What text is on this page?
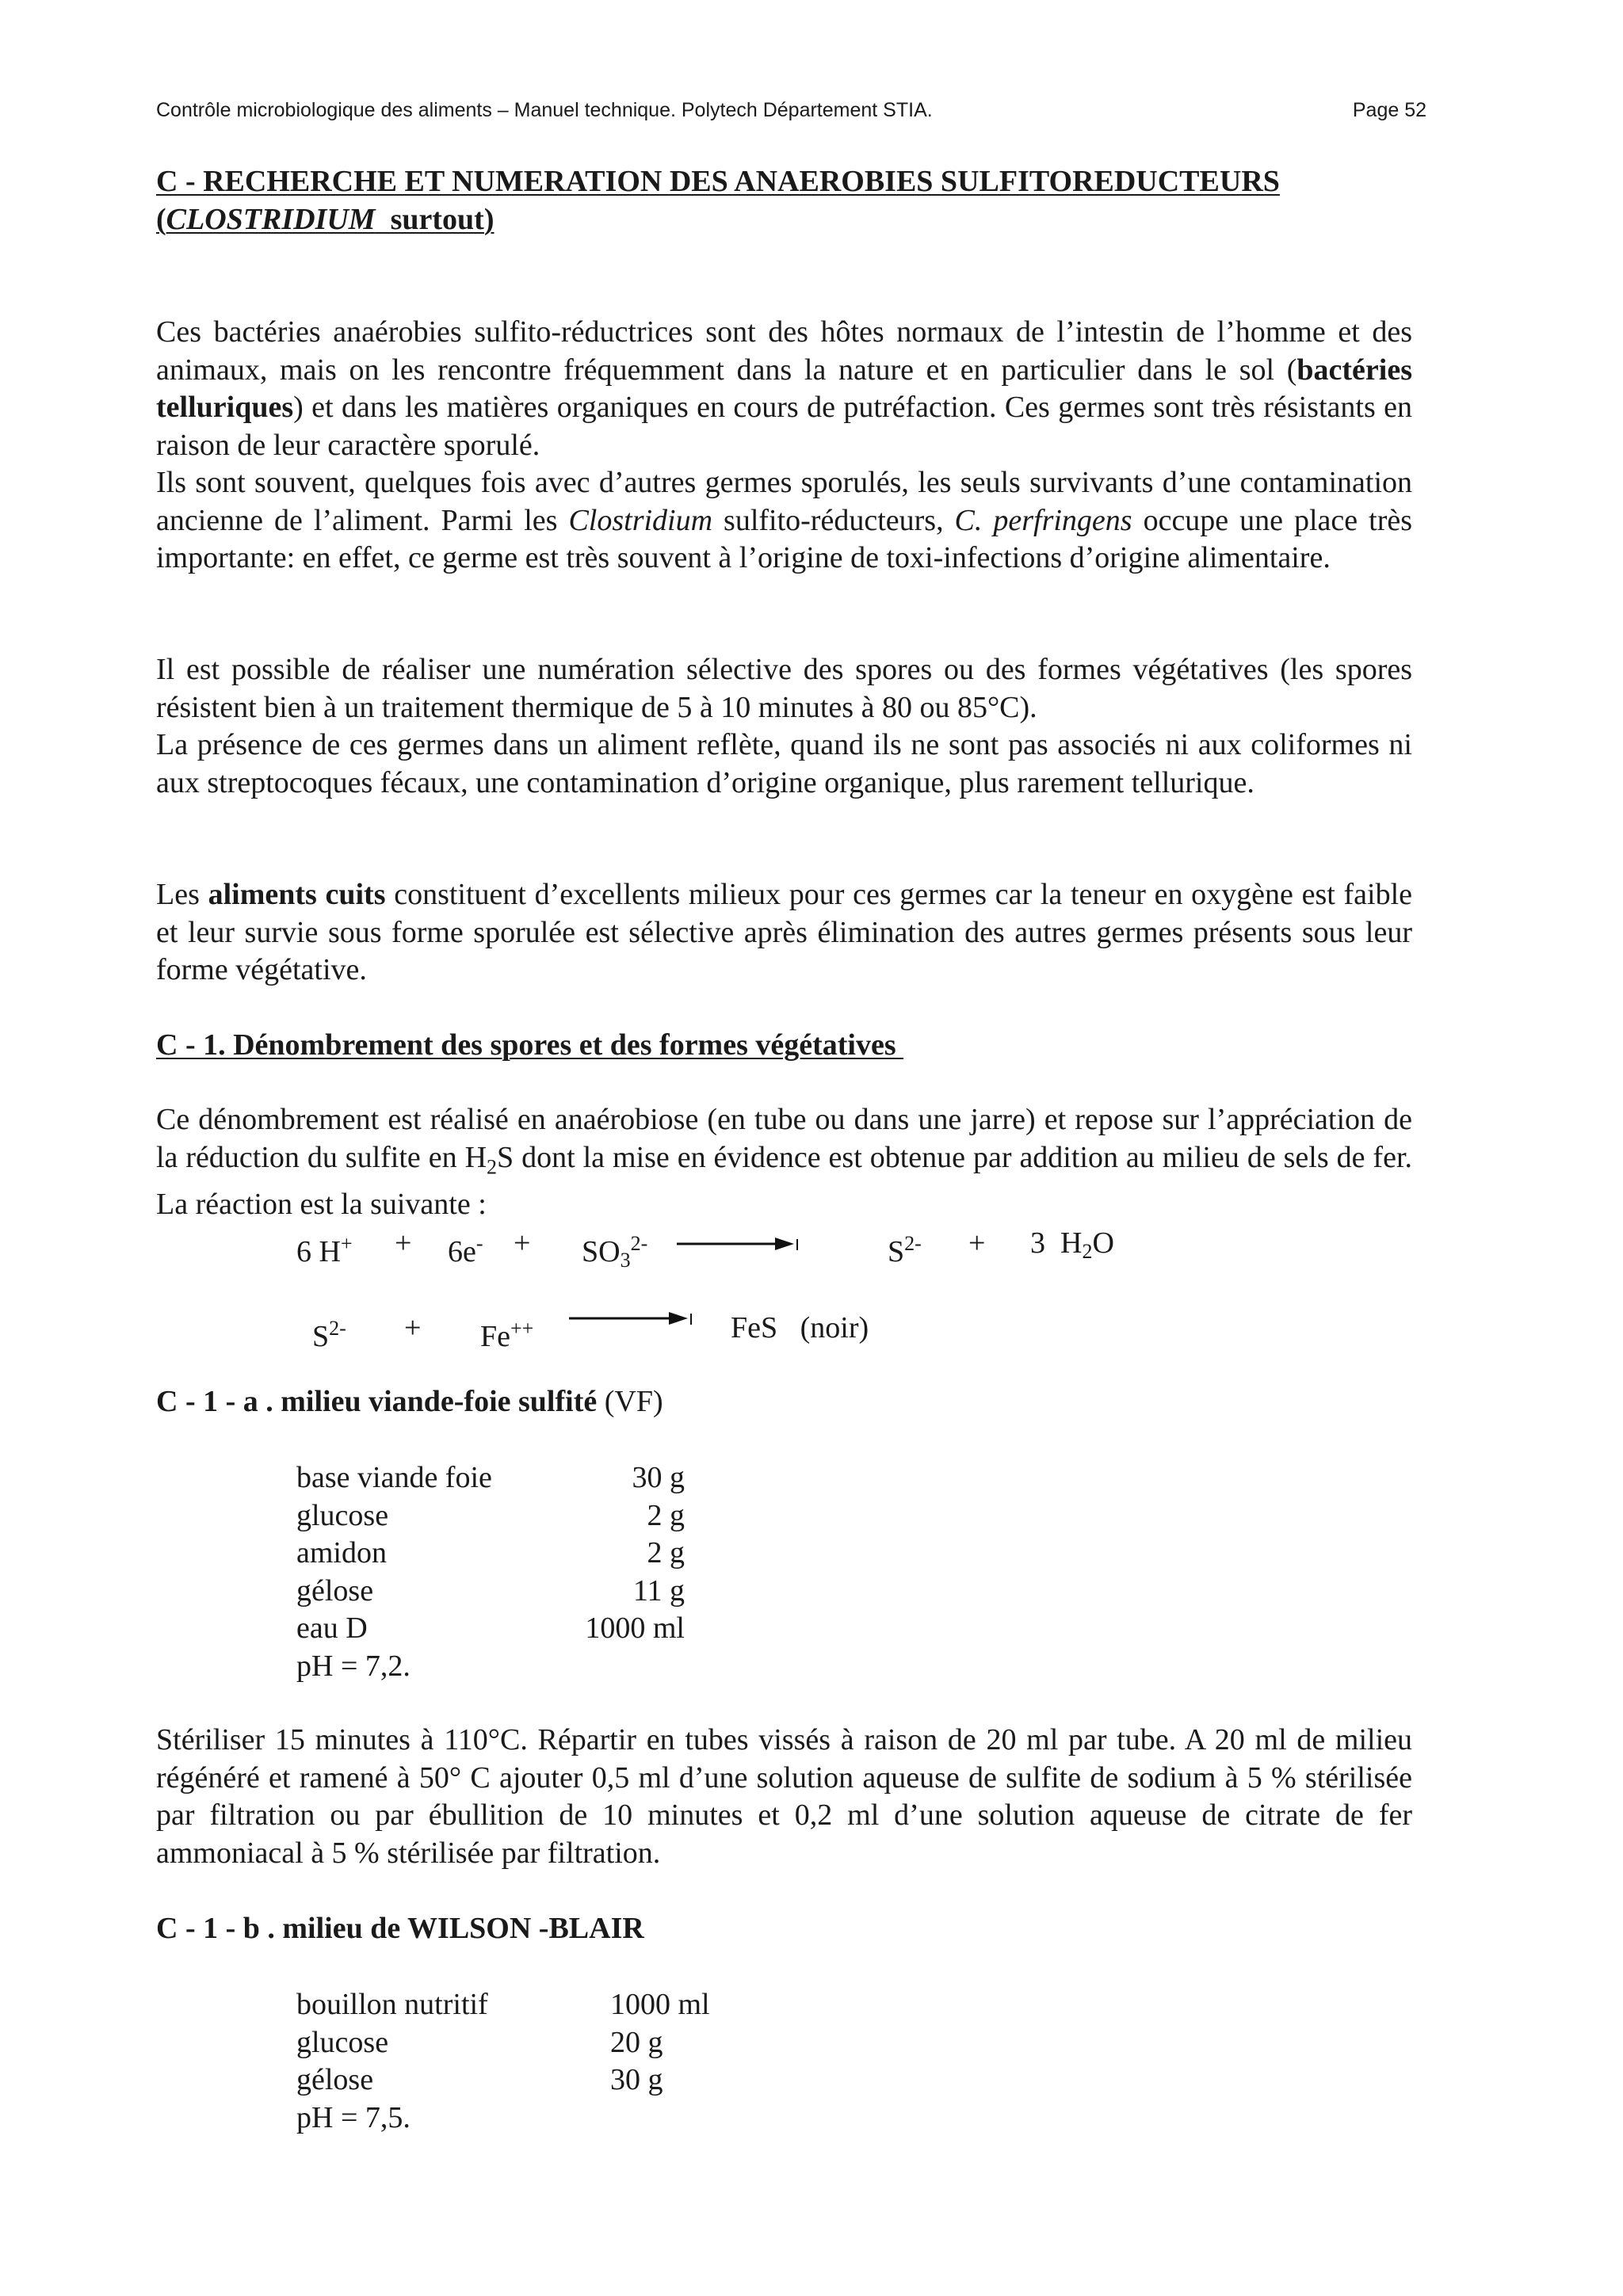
Contrôle microbiologique des aliments – Manuel technique. Polytech Département STIA.	Page 52
C - RECHERCHE ET NUMERATION DES ANAEROBIES SULFITOREDUCTEURS
(CLOSTRIDIUM  surtout)

Ces bactéries anaérobies sulfito-réductrices sont des hôtes normaux de l’intestin de l’homme et des animaux, mais on les rencontre fréquemment dans la nature et en particulier dans le sol (bactéries telluriques) et dans les matières organiques en cours de putréfaction. Ces germes sont très résistants en raison de leur caractère sporulé.

Ils sont souvent, quelques fois avec d’autres germes sporulés, les seuls survivants d’une contamination ancienne de l’aliment. Parmi les Clostridium sulfito-réducteurs, C. perfringens occupe une place très importante: en effet, ce germe est très souvent à l’origine de toxi-infections d’origine alimentaire.

Il est possible de réaliser une numération sélective des spores ou des formes végétatives (les spores résistent bien à un traitement thermique de 5 à 10 minutes à 80 ou 85°C).

La présence de ces germes dans un aliment reflète, quand ils ne sont pas associés ni aux coliformes ni aux streptocoques fécaux, une contamination d’origine organique, plus rarement tellurique.

Les aliments cuits constituent d’excellents milieux pour ces germes car la teneur en oxygène est faible et leur survie sous forme sporulée est sélective après élimination des autres germes présents sous leur forme végétative.

C - 1. Dénombrement des spores et des formes végétatives

Ce dénombrement est réalisé en anaérobiose (en tube ou dans une jarre) et repose sur l’appréciation de la réduction du sulfite en $H_2S$ dont la mise en évidence est obtenue par addition au milieu de sels de fer. La réaction est la suivante :

6 $H^+ + 6e^- + SO_3^{2-}$	$S^{2-} + 3$  $H_2O$
$S^{2-} + Fe^{++}$	FeS   (noir)
C - 1 - a . milieu viande-foie sulfité (VF)
base viande foie	30 g
glucose	2 g
amidon	2 g
gélose	11 g
eau D	1000 ml
pH = 7,2.

Stériliser 15 minutes à 110°C. Répartir en tubes vissés à raison de 20 ml par tube. A 20 ml de milieu régénéré et ramené à 50° C ajouter 0,5 ml d’une solution aqueuse de sulfite de sodium à 5 % stérilisée par filtration ou par ébullition de 10 minutes et 0,2 ml d’une solution aqueuse de citrate de fer ammoniacal à 5 % stérilisée par filtration.

C - 1 - b . milieu de WILSON -BLAIR
bouillon nutritif	1000 ml
glucose	20 g
gélose	30 g
pH = 7,5.
